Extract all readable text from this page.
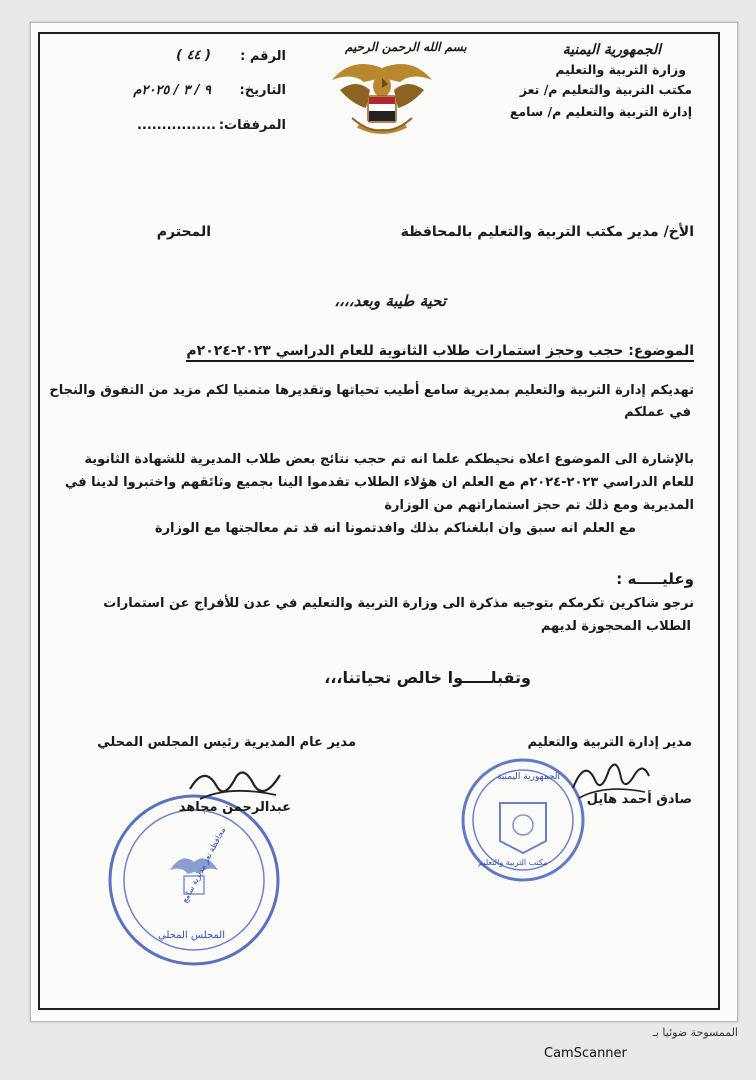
الجمهورية اليمنية
وزارة التربية والتعليم
مكتب التربية والتعليم م/ تعز
إدارة التربية والتعليم م/ سامع
بسم الله الرحمن الرحيم
الرقم :
( ٤٤ )
التاريخ:
٩ / ٣ / ٢٠٢٥م
المرفقات:
................
الأخ/ مدير مكتب التربية والتعليم بالمحافظة
المحترم
تحية طيبة وبعد،،،،
الموضوع: حجب وحجز استمارات طلاب الثانوية للعام الدراسي ٢٠٢٣-٢٠٢٤م
تهديكم إدارة التربية والتعليم بمديرية سامع أطيب تحياتها وتقديرها متمنيا لكم مزيد من التفوق والنجاح
في عملكم
بالإشارة الى الموضوع اعلاه نحيطكم علما انه تم حجب نتائج بعض طلاب المديرية للشهادة الثانوية
للعام الدراسي ٢٠٢٣-٢٠٢٤م مع العلم ان هؤلاء الطلاب تقدموا الينا بجميع وثائقهم واختبروا لدينا في
المديرية ومع ذلك تم حجز استماراتهم من الوزارة
مع العلم انه سبق وان ابلغناكم بذلك وافدتمونا انه قد تم معالجتها مع الوزارة
وعليـــــه :
نرجو شاكرين تكرمكم بتوجيه مذكرة الى وزارة التربية والتعليم في عدن للأفراج عن استمارات
الطلاب المحجوزة لديهم
وتقبلـــــوا خالص تحياتنا،،،
مدير إدارة التربية والتعليم
مدير عام المديرية رئيس المجلس المحلي
الجمهورية اليمنية
مكتب التربية والتعليم
صادق أحمد هايل
محافظة تعز مديرية سامع
المجلس المحلي
عبدالرحمن مجاهد
الممسوحة ضوئيا بـ
CamScanner
